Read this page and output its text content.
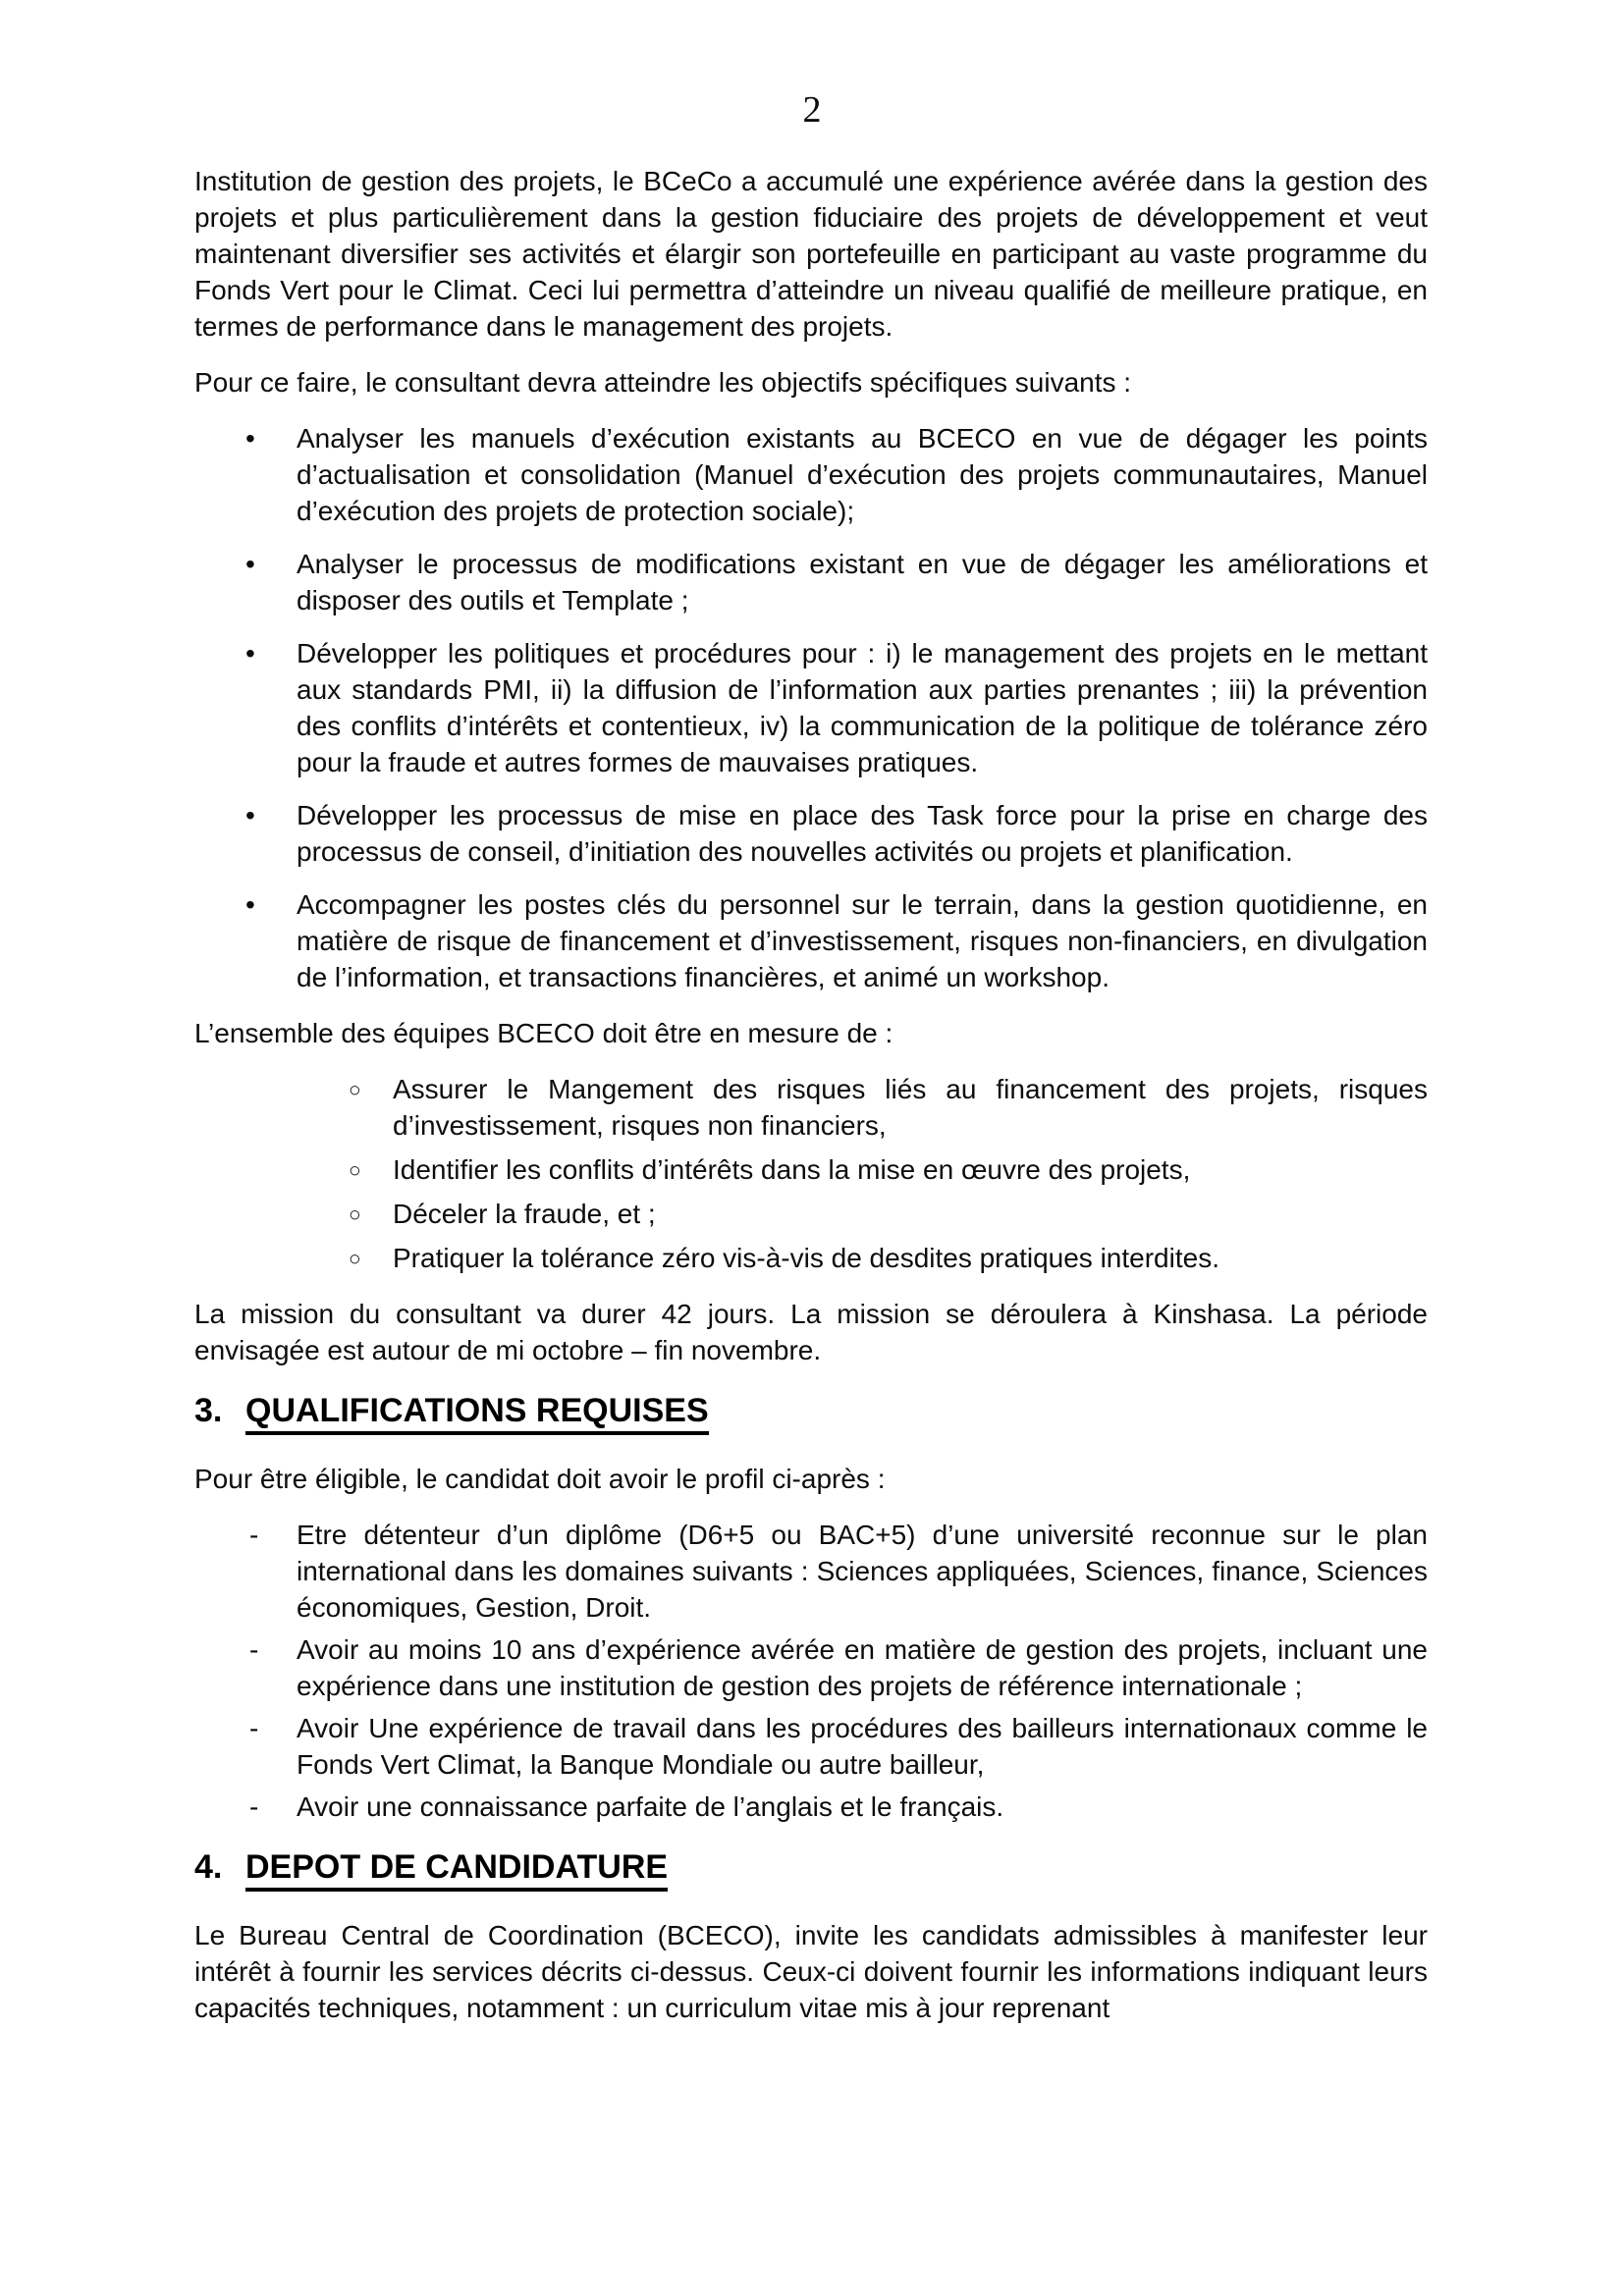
2

Institution de gestion des projets, le BCeCo a accumulé une expérience avérée dans la gestion des projets et plus particulièrement dans la gestion fiduciaire des projets de développement et veut maintenant diversifier ses activités et élargir son portefeuille en participant au vaste programme du Fonds Vert pour le Climat. Ceci lui permettra d’atteindre un niveau qualifié de meilleure pratique, en termes de performance dans le management des projets.

Pour ce faire, le consultant devra atteindre les objectifs spécifiques suivants :

• Analyser les manuels d’exécution existants au BCECO en vue de dégager les points d’actualisation et consolidation (Manuel d’exécution des projets communautaires, Manuel d’exécution des projets de protection sociale);
• Analyser le processus de modifications existant en vue de dégager les améliorations et disposer des outils et Template ;
• Développer les politiques et procédures pour : i) le management des projets en le mettant aux standards PMI, ii) la diffusion de l’information aux parties prenantes ; iii) la prévention des conflits d’intérêts et contentieux, iv) la communication de la politique de tolérance zéro pour la fraude et autres formes de mauvaises pratiques.
• Développer les processus de mise en place des Task force pour la prise en charge des processus de conseil, d’initiation des nouvelles activités ou projets et planification.
• Accompagner les postes clés du personnel sur le terrain, dans la gestion quotidienne, en matière de risque de financement et d’investissement, risques non-financiers, en divulgation de l’information, et transactions financières, et animé un workshop.

L’ensemble des équipes BCECO doit être en mesure de :

○ Assurer le Mangement des risques liés au financement des projets, risques d’investissement, risques non financiers,
○ Identifier les conflits d’intérêts dans la mise en œuvre des projets,
○ Déceler la fraude, et ;
○ Pratiquer la tolérance zéro vis-à-vis de desdites pratiques interdites.

La mission du consultant va durer 42 jours. La mission se déroulera à Kinshasa. La période envisagée est autour de mi octobre – fin novembre.

3. QUALIFICATIONS REQUISES

Pour être éligible, le candidat doit avoir le profil ci-après :

- Etre détenteur d’un diplôme (D6+5 ou BAC+5) d’une université reconnue sur le plan international dans les domaines suivants : Sciences appliquées, Sciences, finance, Sciences économiques, Gestion, Droit.
- Avoir au moins 10 ans d’expérience avérée en matière de gestion des projets, incluant une expérience dans une institution de gestion des projets de référence internationale ;
- Avoir Une expérience de travail dans les procédures des bailleurs internationaux comme le Fonds Vert Climat, la Banque Mondiale ou autre bailleur,
- Avoir une connaissance parfaite de l’anglais et le français.
4. DEPOT DE CANDIDATURE

Le Bureau Central de Coordination (BCECO), invite les candidats admissibles à manifester leur intérêt à fournir les services décrits ci-dessus. Ceux-ci doivent fournir les informations indiquant leurs capacités techniques, notamment : un curriculum vitae mis à jour reprenant
